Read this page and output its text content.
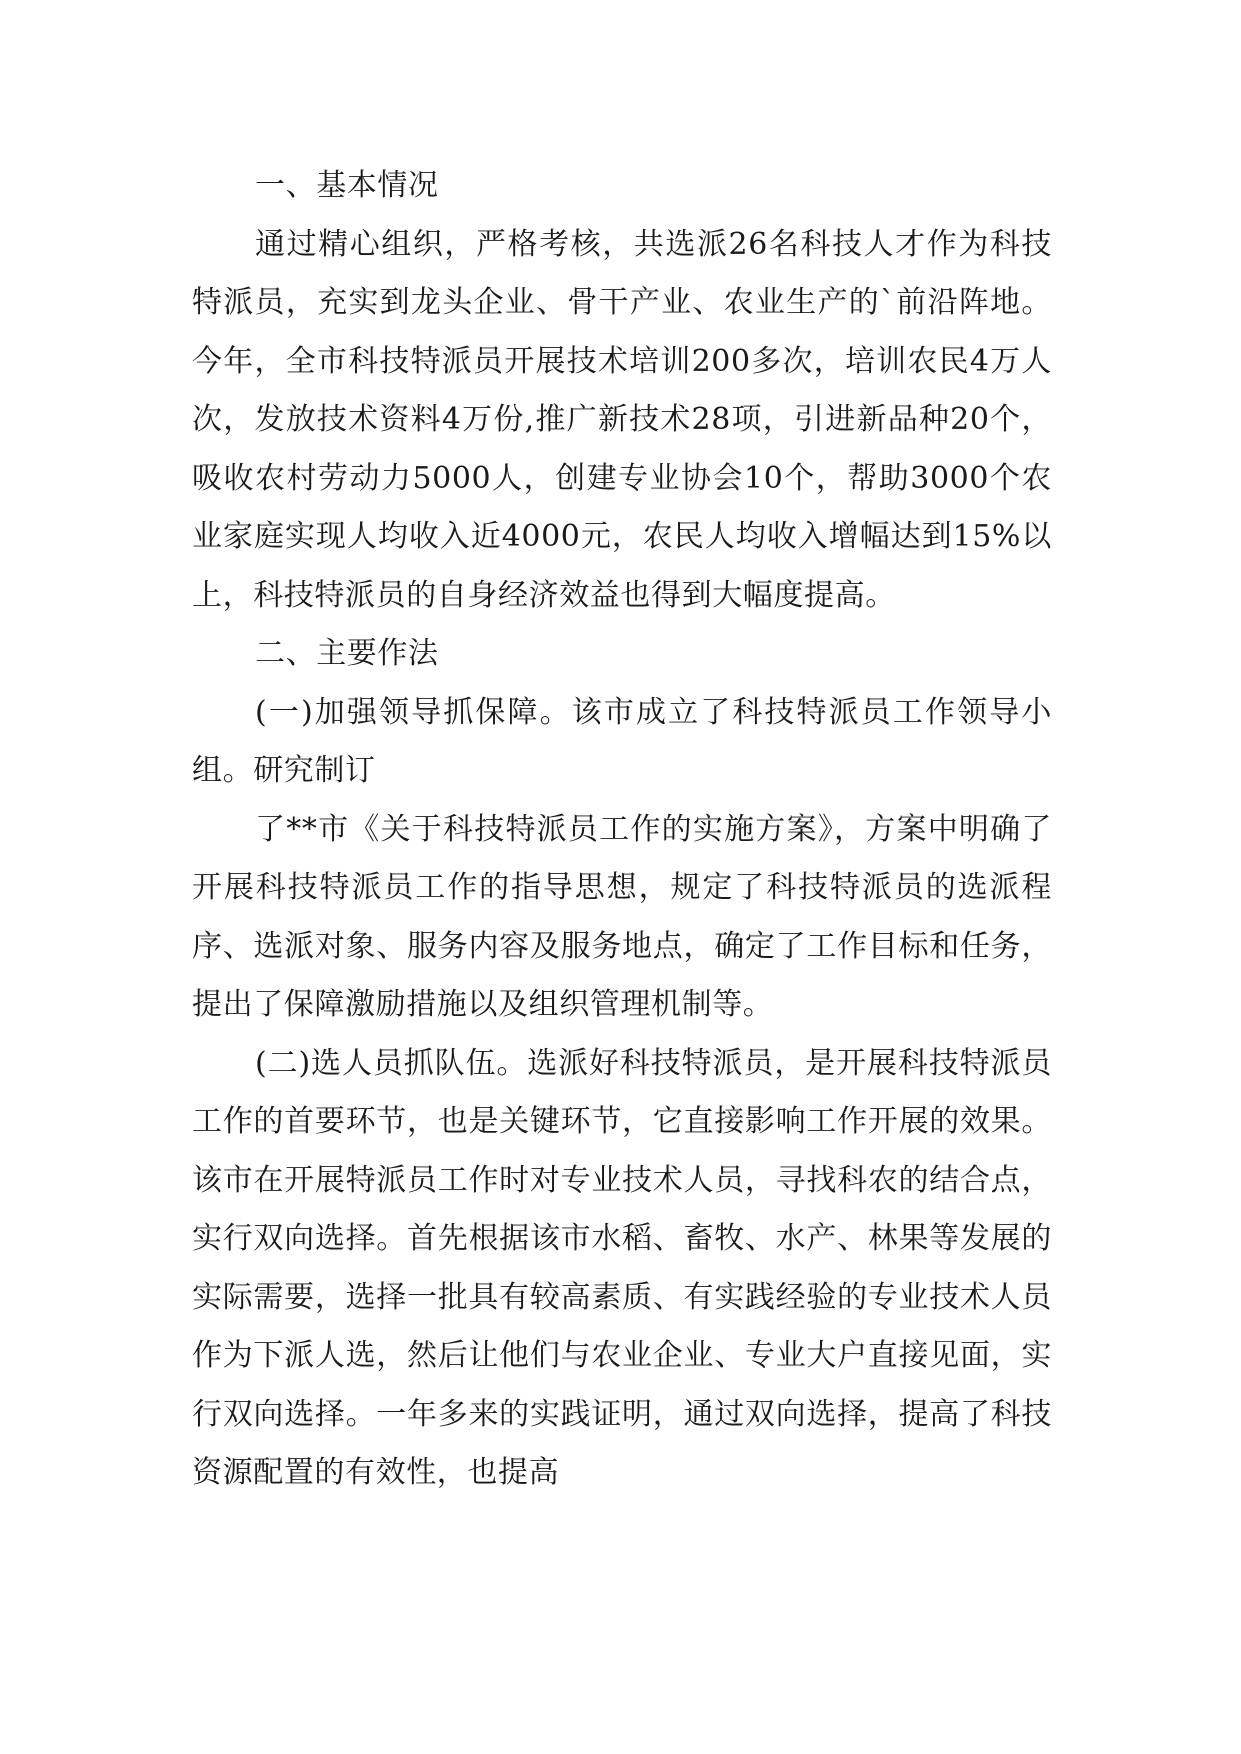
一、基本情况

通过精心组织，严格考核，共选派26名科技人才作为科技特派员，充实到龙头企业、骨干产业、农业生产的`前沿阵地。今年，全市科技特派员开展技术培训200多次，培训农民4万人次，发放技术资料4万份,推广新技术28项，引进新品种20个，吸收农村劳动力5000人，创建专业协会10个，帮助3000个农业家庭实现人均收入近4000元，农民人均收入增幅达到15%以上，科技特派员的自身经济效益也得到大幅度提高。

二、主要作法

(一)加强领导抓保障。该市成立了科技特派员工作领导小组。研究制订

了**市《关于科技特派员工作的实施方案》，方案中明确了开展科技特派员工作的指导思想，规定了科技特派员的选派程序、选派对象、服务内容及服务地点，确定了工作目标和任务，提出了保障激励措施以及组织管理机制等。

(二)选人员抓队伍。选派好科技特派员，是开展科技特派员工作的首要环节，也是关键环节，它直接影响工作开展的效果。该市在开展特派员工作时对专业技术人员，寻找科农的结合点，实行双向选择。首先根据该市水稻、畜牧、水产、林果等发展的实际需要，选择一批具有较高素质、有实践经验的专业技术人员作为下派人选，然后让他们与农业企业、专业大户直接见面，实行双向选择。一年多来的实践证明，通过双向选择，提高了科技资源配置的有效性，也提高
